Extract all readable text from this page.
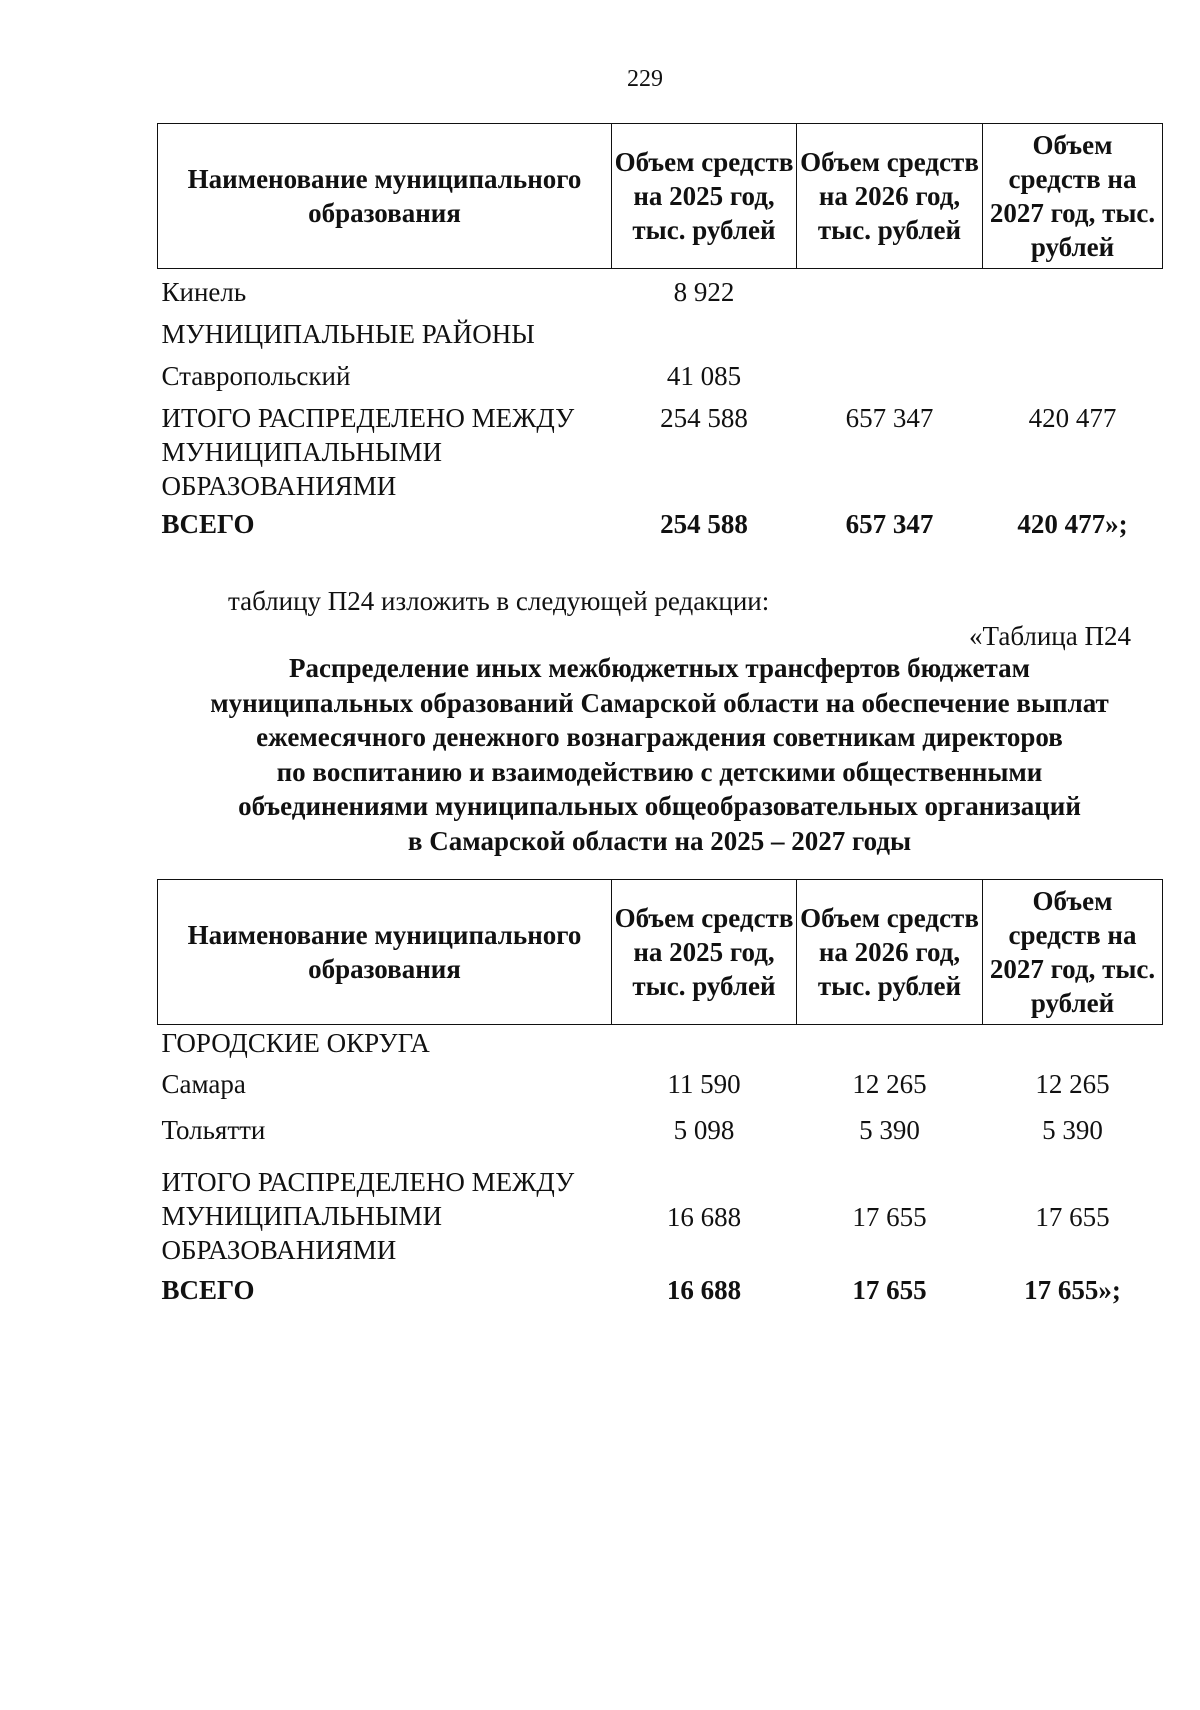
229
Наименование муниципального образования	Объем средств на 2025 год, тыс. рублей	Объем средств на 2026 год, тыс. рублей	Объем средств на 2027 год, тыс. рублей
Кинель	8 922		
МУНИЦИПАЛЬНЫЕ РАЙОНЫ			
Ставропольский	41 085		
ИТОГО РАСПРЕДЕЛЕНО МЕЖДУ МУНИЦИПАЛЬНЫМИ ОБРАЗОВАНИЯМИ	254 588	657 347	420 477
ВСЕГО	254 588	657 347	420 477»;
таблицу П24 изложить в следующей редакции:
«Таблица П24
Распределение иных межбюджетных трансфертов бюджетам
муниципальных образований Самарской области на обеспечение выплат
ежемесячного денежного вознаграждения советникам директоров
по воспитанию и взаимодействию с детскими общественными
объединениями муниципальных общеобразовательных организаций
в Самарской области на 2025 – 2027 годы
Наименование муниципального образования	Объем средств на 2025 год, тыс. рублей	Объем средств на 2026 год, тыс. рублей	Объем средств на 2027 год, тыс. рублей
ГОРОДСКИЕ ОКРУГА			
Самара	11 590	12 265	12 265
Тольятти	5 098	5 390	5 390
ИТОГО РАСПРЕДЕЛЕНО МЕЖДУ МУНИЦИПАЛЬНЫМИ ОБРАЗОВАНИЯМИ	16 688	17 655	17 655
ВСЕГО	16 688	17 655	17 655»;
